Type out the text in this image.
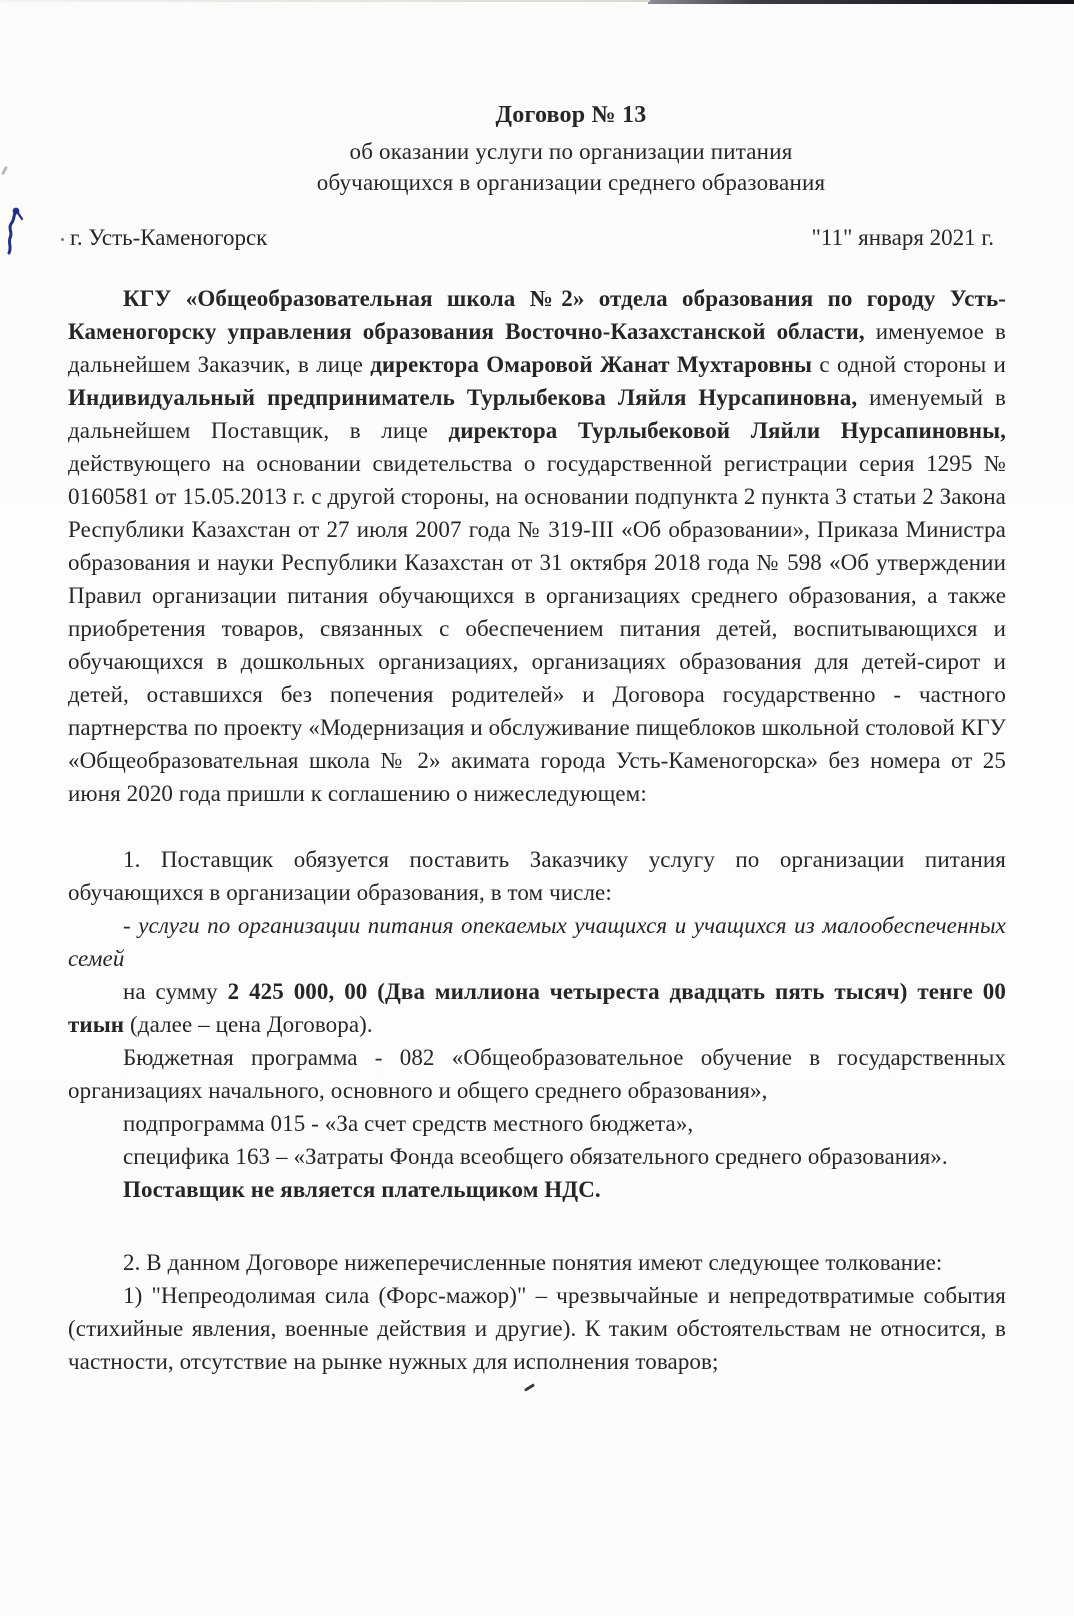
Договор № 13
об оказании услуги по организации питания
обучающихся в организации среднего образования
г. Усть-Каменогорск	"11" января 2021 г.

КГУ «Общеобразовательная школа №2» отдела образования по городу Усть-Каменогорску управления образования Восточно-Казахстанской области, именуемое в дальнейшем Заказчик, в лице директора Омаровой Жанат Мухтаровны с одной стороны и Индивидуальный предприниматель Турлыбекова Ляйля Нурсапиновна, именуемый в дальнейшем Поставщик, в лице директора Турлыбековой Ляйли Нурсапиновны, действующего на основании свидетельства о государственной регистрации серия 1295 № 0160581 от 15.05.2013 г. с другой стороны, на основании подпункта 2 пункта 3 статьи 2 Закона Республики Казахстан от 27 июля 2007 года № 319-III «Об образовании», Приказа Министра образования и науки Республики Казахстан от 31 октября 2018 года № 598 «Об утверждении Правил организации питания обучающихся в организациях среднего образования, а также приобретения товаров, связанных с обеспечением питания детей, воспитывающихся и обучающихся в дошкольных организациях, организациях образования для детей-сирот и детей, оставшихся без попечения родителей» и Договора государственно - частного партнерства по проекту «Модернизация и обслуживание пищеблоков школьной столовой КГУ «Общеобразовательная школа № 2» акимата города Усть-Каменогорска» без номера от 25 июня 2020 года пришли к соглашению о нижеследующем:

1. Поставщик обязуется поставить Заказчику услугу по организации питания обучающихся в организации образования, в том числе:

- услуги по организации питания опекаемых учащихся и учащихся из малообеспеченных семей

на сумму 2 425 000, 00 (Два миллиона четыреста двадцать пять тысяч) тенге 00 тиын (далее – цена Договора).

Бюджетная программа - 082 «Общеобразовательное обучение в государственных организациях начального, основного и общего среднего образования»,

подпрограмма 015 - «За счет средств местного бюджета»,

специфика 163 – «Затраты Фонда всеобщего обязательного среднего образования».

Поставщик не является плательщиком НДС.

2. В данном Договоре нижеперечисленные понятия имеют следующее толкование:

1) "Непреодолимая сила (Форс-мажор)" – чрезвычайные и непредотвратимые события (стихийные явления, военные действия и другие). К таким обстоятельствам не относится, в частности, отсутствие на рынке нужных для исполнения товаров;
